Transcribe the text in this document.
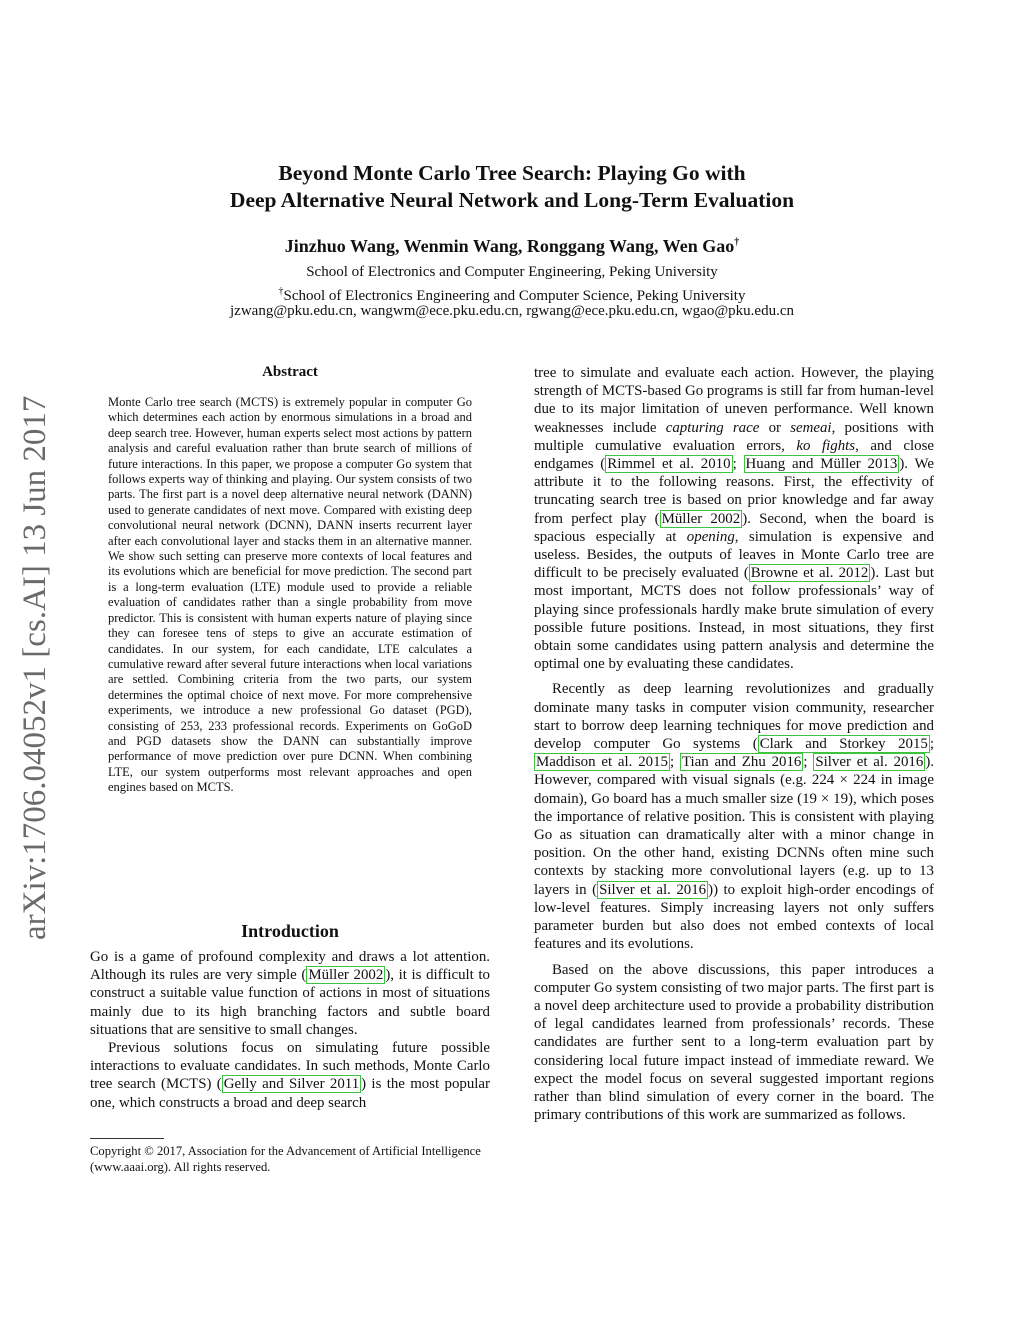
arXiv:1706.04052v1 [cs.AI] 13 Jun 2017
Beyond Monte Carlo Tree Search: Playing Go with
Deep Alternative Neural Network and Long-Term Evaluation
Jinzhuo Wang, Wenmin Wang, Ronggang Wang, Wen Gao†
School of Electronics and Computer Engineering, Peking University
†School of Electronics Engineering and Computer Science, Peking University
jzwang@pku.edu.cn, wangwm@ece.pku.edu.cn, rgwang@ece.pku.edu.cn, wgao@pku.edu.cn
Abstract
Monte Carlo tree search (MCTS) is extremely popular in computer Go which determines each action by enormous simulations in a broad and deep search tree. However, human experts select most actions by pattern analysis and careful evaluation rather than brute search of millions of future interactions. In this paper, we propose a computer Go system that follows experts way of thinking and playing. Our system consists of two parts. The first part is a novel deep alternative neural network (DANN) used to generate candidates of next move. Compared with existing deep convolutional neural network (DCNN), DANN inserts recurrent layer after each convolutional layer and stacks them in an alternative manner. We show such setting can preserve more contexts of local features and its evolutions which are beneficial for move prediction. The second part is a long-term evaluation (LTE) module used to provide a reliable evaluation of candidates rather than a single probability from move predictor. This is consistent with human experts nature of playing since they can foresee tens of steps to give an accurate estimation of candidates. In our system, for each candidate, LTE calculates a cumulative reward after several future interactions when local variations are settled. Combining criteria from the two parts, our system determines the optimal choice of next move. For more comprehensive experiments, we introduce a new professional Go dataset (PGD), consisting of 253, 233 professional records. Experiments on GoGoD and PGD datasets show the DANN can substantially improve performance of move prediction over pure DCNN. When combining LTE, our system outperforms most relevant approaches and open engines based on MCTS.
Introduction

Go is a game of profound complexity and draws a lot attention. Although its rules are very simple ( Müller 2002 ), it is difficult to construct a suitable value function of actions in most of situations mainly due to its high branching factors and subtle board situations that are sensitive to small changes.

Previous solutions focus on simulating future possible interactions to evaluate candidates. In such methods, Monte Carlo tree search (MCTS) ( Gelly and Silver 2011 ) is the most popular one, which constructs a broad and deep search

Copyright © 2017, Association for the Advancement of Artificial Intelligence (www.aaai.org). All rights reserved.

tree to simulate and evaluate each action. However, the playing strength of MCTS-based Go programs is still far from human-level due to its major limitation of uneven performance. Well known weaknesses include capturing race or semeai, positions with multiple cumulative evaluation errors, ko fights, and close endgames ( Rimmel et al. 2010 ; Huang and Müller 2013 ). We attribute it to the following reasons. First, the effectivity of truncating search tree is based on prior knowledge and far away from perfect play ( Müller 2002 ). Second, when the board is spacious especially at opening, simulation is expensive and useless. Besides, the outputs of leaves in Monte Carlo tree are difficult to be precisely evaluated ( Browne et al. 2012 ). Last but most important, MCTS does not follow professionals’ way of playing since professionals hardly make brute simulation of every possible future positions. Instead, in most situations, they first obtain some candidates using pattern analysis and determine the optimal one by evaluating these candidates.

Recently as deep learning revolutionizes and gradually dominate many tasks in computer vision community, researcher start to borrow deep learning techniques for move prediction and develop computer Go systems ( Clark and Storkey 2015 ; Maddison et al. 2015 ; Tian and Zhu 2016 ; Silver et al. 2016 ). However, compared with visual signals (e.g. 224 × 224 in image domain), Go board has a much smaller size (19 × 19), which poses the importance of relative position. This is consistent with playing Go as situation can dramatically alter with a minor change in position. On the other hand, existing DCNNs often mine such contexts by stacking more convolutional layers (e.g. up to 13 layers in ( Silver et al. 2016 )) to exploit high-order encodings of low-level features. Simply increasing layers not only suffers parameter burden but also does not embed contexts of local features and its evolutions.

Based on the above discussions, this paper introduces a computer Go system consisting of two major parts. The first part is a novel deep architecture used to provide a probability distribution of legal candidates learned from professionals’ records. These candidates are further sent to a long-term evaluation part by considering local future impact instead of immediate reward. We expect the model focus on several suggested important regions rather than blind simulation of every corner in the board. The primary contributions of this work are summarized as follows.
